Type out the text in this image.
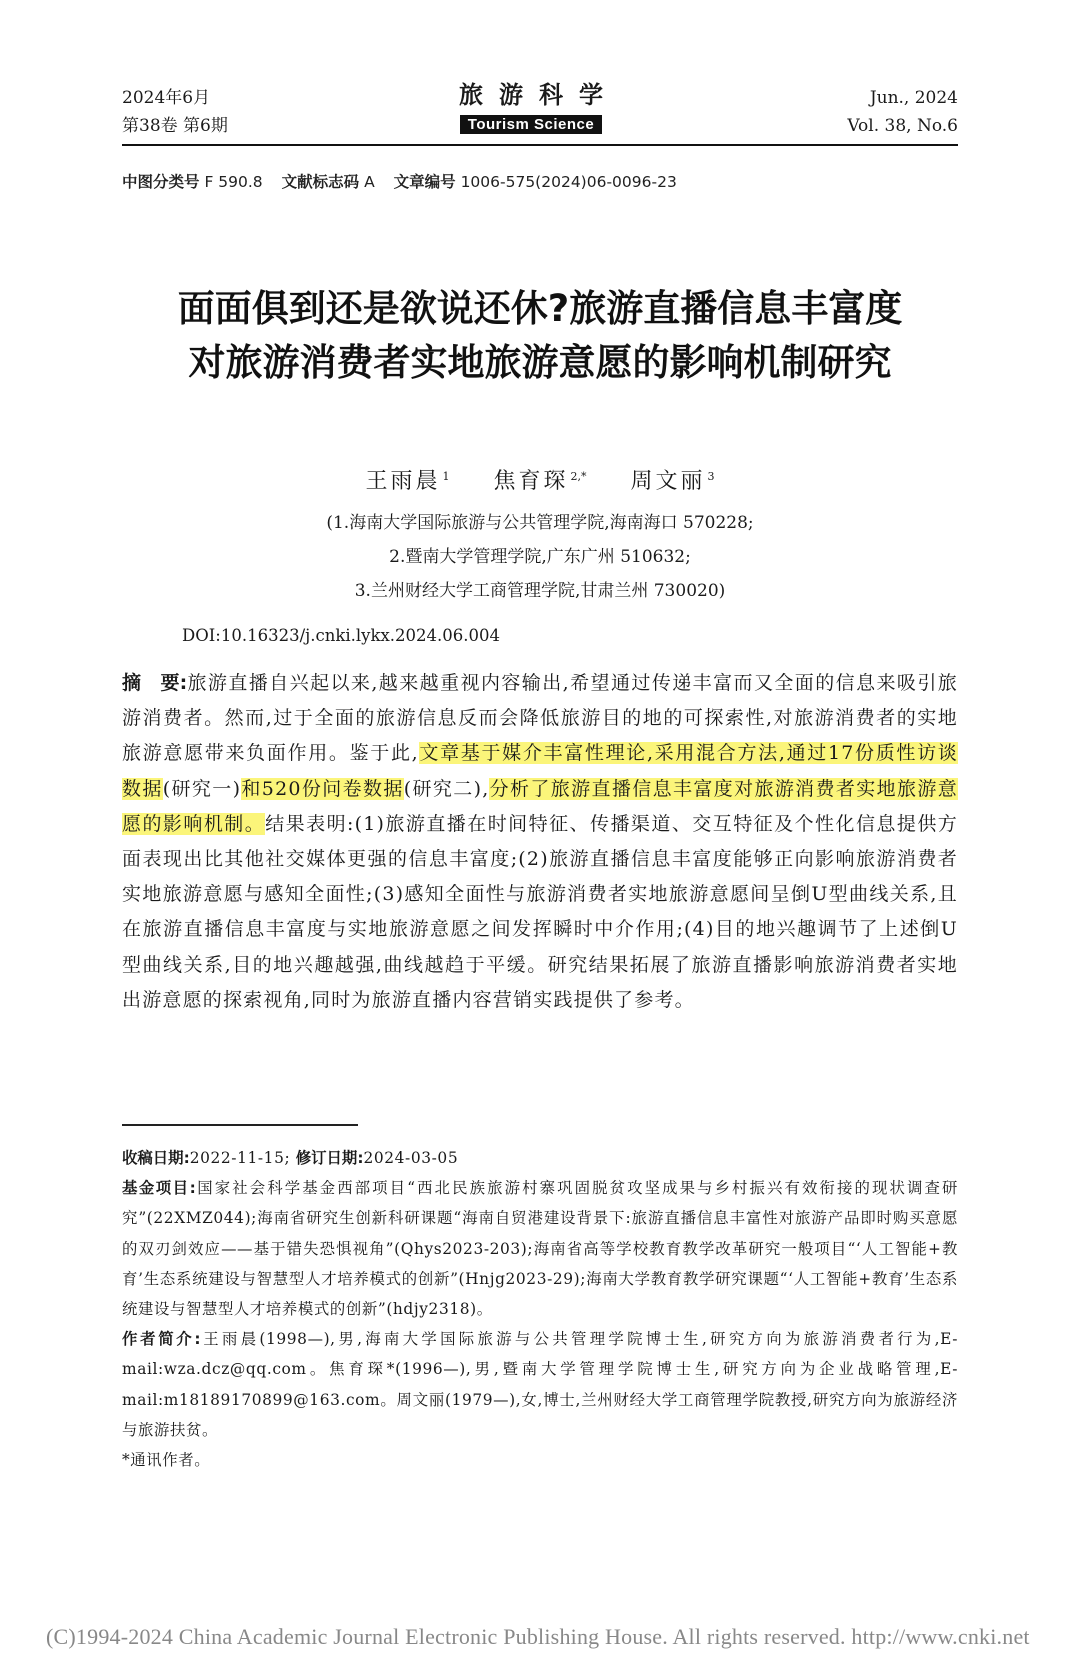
2024年6月
第38卷 第6期
旅游科学
Tourism Science
Jun., 2024
Vol. 38, No.6
中图分类号 F 590.8 文献标志码 A 文章编号 1006-575(2024)06-0096-23
面面俱到还是欲说还休?旅游直播信息丰富度
对旅游消费者实地旅游意愿的影响机制研究
王雨晨 $^1$ 焦育琛 $^{2,*}$ 周文丽 $^3$
(1.海南大学国际旅游与公共管理学院,海南海口 570228;
2.暨南大学管理学院,广东广州 510632;
3.兰州财经大学工商管理学院,甘肃兰州 730020)
DOI:10.16323/j.cnki.lykx.2024.06.004
摘　要:旅游直播自兴起以来,越来越重视内容输出,希望通过传递丰富而又全面的信息来吸引旅游消费者。然而,过于全面的旅游信息反而会降低旅游目的地的可探索性,对旅游消费者的实地旅游意愿带来负面作用。鉴于此,文章基于媒介丰富性理论,采用混合方法,通过17份质性访谈数据(研究一)和520份问卷数据(研究二),分析了旅游直播信息丰富度对旅游消费者实地旅游意愿的影响机制。结果表明:(1)旅游直播在时间特征、传播渠道、交互特征及个性化信息提供方面表现出比其他社交媒体更强的信息丰富度;(2)旅游直播信息丰富度能够正向影响旅游消费者实地旅游意愿与感知全面性;(3)感知全面性与旅游消费者实地旅游意愿间呈倒U型曲线关系,且在旅游直播信息丰富度与实地旅游意愿之间发挥瞬时中介作用;(4)目的地兴趣调节了上述倒U型曲线关系,目的地兴趣越强,曲线越趋于平缓。研究结果拓展了旅游直播影响旅游消费者实地出游意愿的探索视角,同时为旅游直播内容营销实践提供了参考。

收稿日期:2022-11-15; 修订日期:2024-03-05

基金项目:国家社会科学基金西部项目“西北民族旅游村寨巩固脱贫攻坚成果与乡村振兴有效衔接的现状调查研究”(22XMZ044);海南省研究生创新科研课题“海南自贸港建设背景下:旅游直播信息丰富性对旅游产品即时购买意愿的双刃剑效应——基于错失恐惧视角”(Qhys2023-203);海南省高等学校教育教学改革研究一般项目“‘人工智能+教育’生态系统建设与智慧型人才培养模式的创新”(Hnjg2023-29);海南大学教育教学研究课题“‘人工智能+教育’生态系统建设与智慧型人才培养模式的创新”(hdjy2318)。

作者简介:王雨晨(1998—),男,海南大学国际旅游与公共管理学院博士生,研究方向为旅游消费者行为,E-mail:wza.dcz@qq.com。焦育琛*(1996—),男,暨南大学管理学院博士生,研究方向为企业战略管理,E-mail:m18189170899@163.com。周文丽(1979—),女,博士,兰州财经大学工商管理学院教授,研究方向为旅游经济与旅游扶贫。

*通讯作者。

(C)1994-2024 China Academic Journal Electronic Publishing House. All rights reserved. http://www.cnki.net
